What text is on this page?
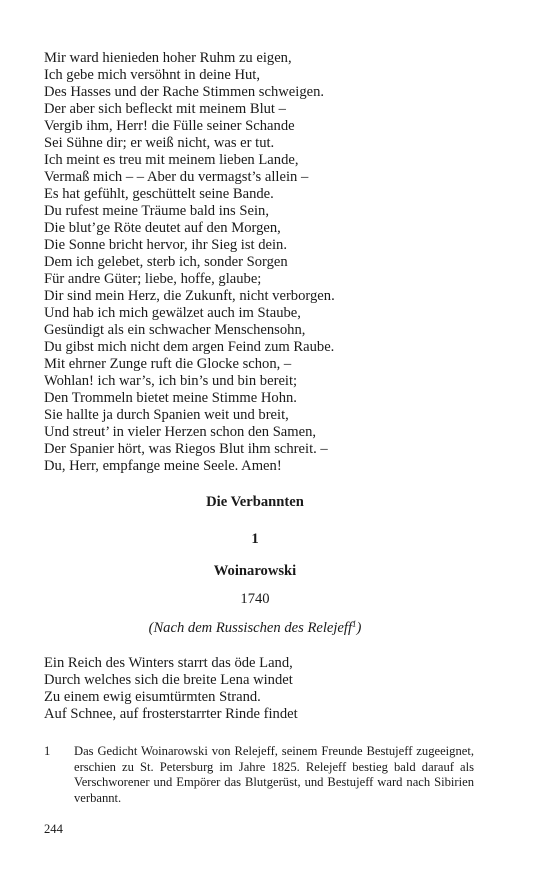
Mir ward hienieden hoher Ruhm zu eigen,
Ich gebe mich versöhnt in deine Hut,
Des Hasses und der Rache Stimmen schweigen.
Der aber sich befleckt mit meinem Blut –
Vergib ihm, Herr! die Fülle seiner Schande
Sei Sühne dir; er weiß nicht, was er tut.
Ich meint es treu mit meinem lieben Lande,
Vermaß mich – – Aber du vermagst’s allein –
Es hat gefühlt, geschüttelt seine Bande.
Du rufest meine Träume bald ins Sein,
Die blut’ge Röte deutet auf den Morgen,
Die Sonne bricht hervor, ihr Sieg ist dein.
Dem ich gelebet, sterb ich, sonder Sorgen
Für andre Güter; liebe, hoffe, glaube;
Dir sind mein Herz, die Zukunft, nicht verborgen.
Und hab ich mich gewälzet auch im Staube,
Gesündigt als ein schwacher Menschensohn,
Du gibst mich nicht dem argen Feind zum Raube.
Mit ehrner Zunge ruft die Glocke schon, –
Wohlan! ich war’s, ich bin’s und bin bereit;
Den Trommeln bietet meine Stimme Hohn.
Sie hallte ja durch Spanien weit und breit,
Und streut’ in vieler Herzen schon den Samen,
Der Spanier hört, was Riegos Blut ihm schreit. –
Du, Herr, empfange meine Seele. Amen!
Die Verbannten
1
Woinarowski
1740
(Nach dem Russischen des Relejeff$^1$)
Ein Reich des Winters starrt das öde Land,
Durch welches sich die breite Lena windet
Zu einem ewig eisumtürmten Strand.
Auf Schnee, auf frosterstarrter Rinde findet
1 Das Gedicht Woinarowski von Relejeff, seinem Freunde Bestujeff zugeeignet, erschien zu St. Petersburg im Jahre 1825. Relejeff bestieg bald darauf als Verschworener und Empörer das Blutgerüst, und Bestujeff ward nach Sibirien verbannt.
244
